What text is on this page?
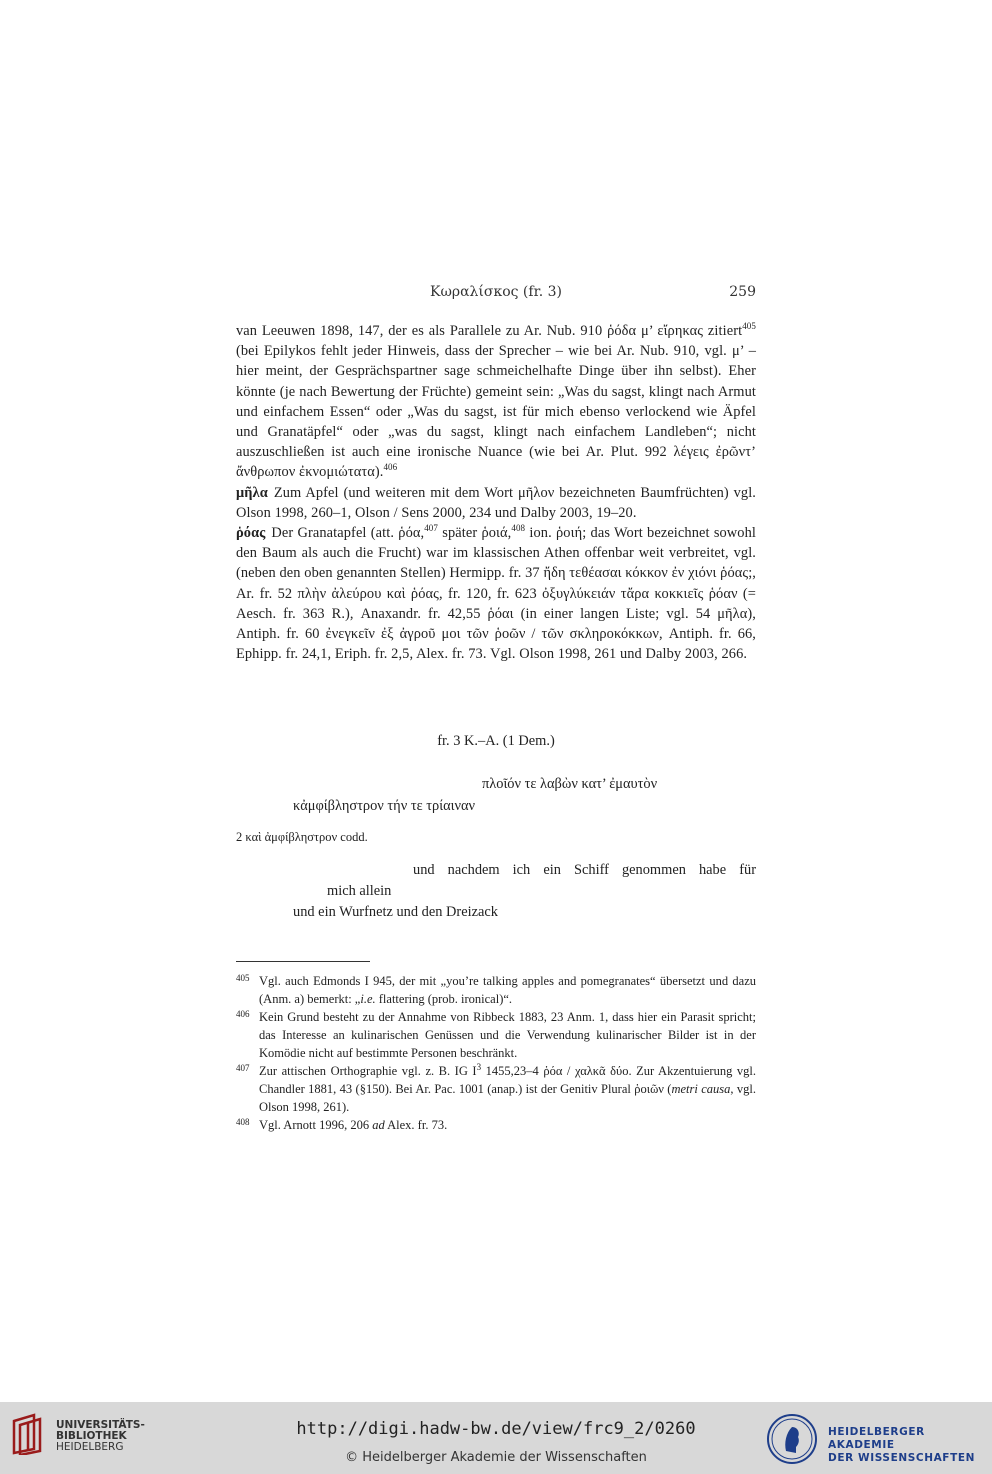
Κωραλίσκος (fr. 3)	259

van Leeuwen 1898, 147, der es als Parallele zu Ar. Nub. 910 ῥόδα μ’ εἴρηκας zitiert$^{405}$ (bei Epilykos fehlt jeder Hinweis, dass der Sprecher – wie bei Ar. Nub. 910, vgl. μ’ – hier meint, der Gesprächspartner sage schmeichelhafte Dinge über ihn selbst). Eher könnte (je nach Bewertung der Früchte) gemeint sein: „Was du sagst, klingt nach Armut und einfachem Essen“ oder „Was du sagst, ist für mich ebenso verlockend wie Äpfel und Granatäpfel“ oder „was du sagst, klingt nach einfachem Landleben“; nicht auszuschließen ist auch eine ironische Nuance (wie bei Ar. Plut. 992 λέγεις ἐρῶντ’ ἄνθρωπον ἐκνομιώτατα).$^{406}$

μῆλα Zum Apfel (und weiteren mit dem Wort μῆλον bezeichneten Baumfrüchten) vgl. Olson 1998, 260–1, Olson / Sens 2000, 234 und Dalby 2003, 19–20.

ῥόας Der Granatapfel (att. ῥόα,$^{407}$ später ῥοιά,$^{408}$ ion. ῥοιή; das Wort bezeichnet sowohl den Baum als auch die Frucht) war im klassischen Athen offenbar weit verbreitet, vgl. (neben den oben genannten Stellen) Hermipp. fr. 37 ἤδη τεθέασαι κόκκον ἐν χιόνι ῥόας;, Ar. fr. 52 πλὴν ἀλεύρου καὶ ῥόας, fr. 120, fr. 623 ὀξυγλύκειάν τἄρα κοκκιεῖς ῥόαν (= Aesch. fr. 363 R.), Anaxandr. fr. 42,55 ῥόαι (in einer langen Liste; vgl. 54 μῆλα), Antiph. fr. 60 ἐνεγκεῖν ἐξ ἀγροῦ μοι τῶν ῥοῶν / τῶν σκληροκόκκων, Antiph. fr. 66, Ephipp. fr. 24,1, Eriph. fr. 2,5, Alex. fr. 73. Vgl. Olson 1998, 261 und Dalby 2003, 266.

fr. 3 K.–A. (1 Dem.)
πλοῖόν τε λαβὼν κατ’ ἐμαυτὸν
κἀμφίβληστρον τήν τε τρίαιναν
2 καὶ ἀμφίβληστρον codd.
und nachdem ich ein Schiff genommen habe für
mich allein
und ein Wurfnetz und den Dreizack

405 Vgl. auch Edmonds I 945, der mit „you’re talking apples and pomegranates“ übersetzt und dazu (Anm. a) bemerkt: „i.e. flattering (prob. ironical)“.

406 Kein Grund besteht zu der Annahme von Ribbeck 1883, 23 Anm. 1, dass hier ein Parasit spricht; das Interesse an kulinarischen Genüssen und die Verwendung kulinarischer Bilder ist in der Komödie nicht auf bestimmte Personen beschränkt.

407 Zur attischen Orthographie vgl. z. B. IG $I^3$ 1455,23–4 ῥόα / χαλκᾶ δύο. Zur Akzentuierung vgl. Chandler 1881, 43 (§150). Bei Ar. Pac. 1001 (anap.) ist der Genitiv Plural ῥοιῶν (metri causa, vgl. Olson 1998, 261).

408 Vgl. Arnott 1996, 206 ad Alex. fr. 73.

UNIVERSITÄTS-
BIBLIOTHEK
HEIDELBERG
http://digi.hadw-bw.de/view/frc9_2/0260
© Heidelberger Akademie der Wissenschaften
HEIDELBERGER AKADEMIE
DER WISSENSCHAFTEN
